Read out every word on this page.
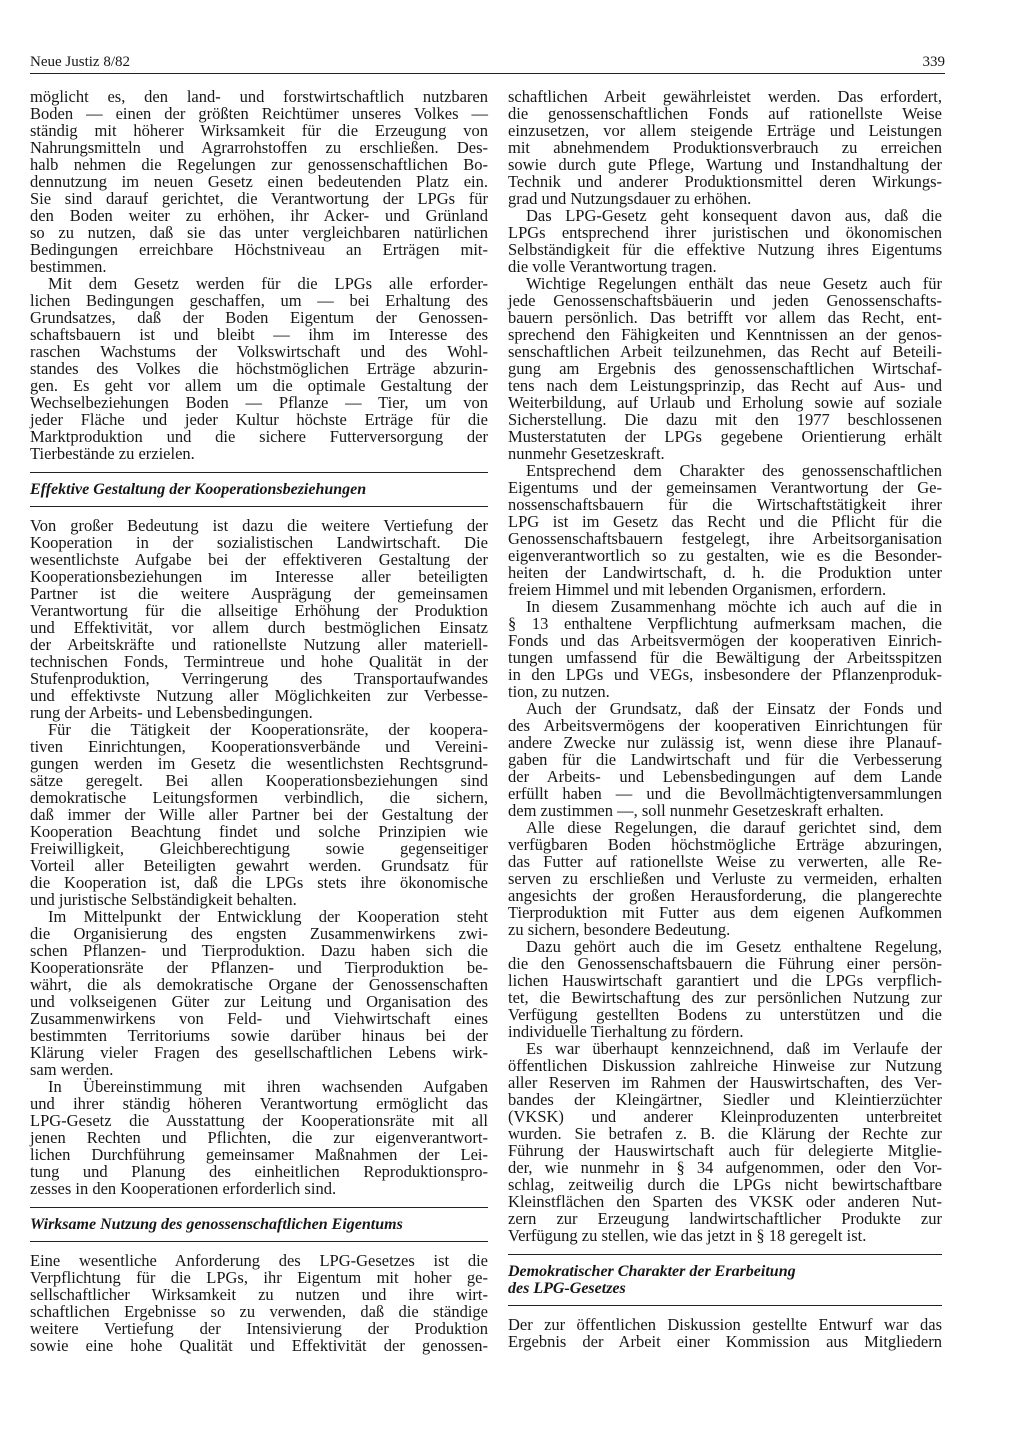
Neue Justiz 8/82	339
möglicht es, den land- und forstwirtschaftlich nutzbaren
Boden — einen der größten Reichtümer unseres Volkes —
ständig mit höherer Wirksamkeit für die Erzeugung von
Nahrungsmitteln und Agrarrohstoffen zu erschließen. Des-
halb nehmen die Regelungen zur genossenschaftlichen Bo-
dennutzung im neuen Gesetz einen bedeutenden Platz ein.
Sie sind darauf gerichtet, die Verantwortung der LPGs für
den Boden weiter zu erhöhen, ihr Acker- und Grünland
so zu nutzen, daß sie das unter vergleichbaren natürlichen
Bedingungen erreichbare Höchstniveau an Erträgen mit-
bestimmen.
Mit dem Gesetz werden für die LPGs alle erforder-
lichen Bedingungen geschaffen, um — bei Erhaltung des
Grundsatzes, daß der Boden Eigentum der Genossen-
schaftsbauern ist und bleibt — ihm im Interesse des
raschen Wachstums der Volkswirtschaft und des Wohl-
standes des Volkes die höchstmöglichen Erträge abzurin-
gen. Es geht vor allem um die optimale Gestaltung der
Wechselbeziehungen Boden — Pflanze — Tier, um von
jeder Fläche und jeder Kultur höchste Erträge für die
Marktproduktion und die sichere Futterversorgung der
Tierbestände zu erzielen.
Effektive Gestaltung der Kooperationsbeziehungen
Von großer Bedeutung ist dazu die weitere Vertiefung der
Kooperation in der sozialistischen Landwirtschaft. Die
wesentlichste Aufgabe bei der effektiveren Gestaltung der
Kooperationsbeziehungen im Interesse aller beteiligten
Partner ist die weitere Ausprägung der gemeinsamen
Verantwortung für die allseitige Erhöhung der Produktion
und Effektivität, vor allem durch bestmöglichen Einsatz
der Arbeitskräfte und rationellste Nutzung aller materiell-
technischen Fonds, Termintreue und hohe Qualität in der
Stufenproduktion, Verringerung des Transportaufwandes
und effektivste Nutzung aller Möglichkeiten zur Verbesse-
rung der Arbeits- und Lebensbedingungen.
Für die Tätigkeit der Kooperationsräte, der koopera-
tiven Einrichtungen, Kooperationsverbände und Vereini-
gungen werden im Gesetz die wesentlichsten Rechtsgrund-
sätze geregelt. Bei allen Kooperationsbeziehungen sind
demokratische Leitungsformen verbindlich, die sichern,
daß immer der Wille aller Partner bei der Gestaltung der
Kooperation Beachtung findet und solche Prinzipien wie
Freiwilligkeit, Gleichberechtigung sowie gegenseitiger
Vorteil aller Beteiligten gewahrt werden. Grundsatz für
die Kooperation ist, daß die LPGs stets ihre ökonomische
und juristische Selbständigkeit behalten.
Im Mittelpunkt der Entwicklung der Kooperation steht
die Organisierung des engsten Zusammenwirkens zwi-
schen Pflanzen- und Tierproduktion. Dazu haben sich die
Kooperationsräte der Pflanzen- und Tierproduktion be-
währt, die als demokratische Organe der Genossenschaften
und volkseigenen Güter zur Leitung und Organisation des
Zusammenwirkens von Feld- und Viehwirtschaft eines
bestimmten Territoriums sowie darüber hinaus bei der
Klärung vieler Fragen des gesellschaftlichen Lebens wirk-
sam werden.
In Übereinstimmung mit ihren wachsenden Aufgaben
und ihrer ständig höheren Verantwortung ermöglicht das
LPG-Gesetz die Ausstattung der Kooperationsräte mit all
jenen Rechten und Pflichten, die zur eigenverantwort-
lichen Durchführung gemeinsamer Maßnahmen der Lei-
tung und Planung des einheitlichen Reproduktionspro-
zesses in den Kooperationen erforderlich sind.
Wirksame Nutzung des genossenschaftlichen Eigentums
Eine wesentliche Anforderung des LPG-Gesetzes ist die
Verpflichtung für die LPGs, ihr Eigentum mit hoher ge-
sellschaftlicher Wirksamkeit zu nutzen und ihre wirt-
schaftlichen Ergebnisse so zu verwenden, daß die ständige
weitere Vertiefung der Intensivierung der Produktion
sowie eine hohe Qualität und Effektivität der genossen-
schaftlichen Arbeit gewährleistet werden. Das erfordert,
die genossenschaftlichen Fonds auf rationellste Weise
einzusetzen, vor allem steigende Erträge und Leistungen
mit abnehmendem Produktionsverbrauch zu erreichen
sowie durch gute Pflege, Wartung und Instandhaltung der
Technik und anderer Produktionsmittel deren Wirkungs-
grad und Nutzungsdauer zu erhöhen.
Das LPG-Gesetz geht konsequent davon aus, daß die
LPGs entsprechend ihrer juristischen und ökonomischen
Selbständigkeit für die effektive Nutzung ihres Eigentums
die volle Verantwortung tragen.
Wichtige Regelungen enthält das neue Gesetz auch für
jede Genossenschaftsbäuerin und jeden Genossenschafts-
bauern persönlich. Das betrifft vor allem das Recht, ent-
sprechend den Fähigkeiten und Kenntnissen an der genos-
senschaftlichen Arbeit teilzunehmen, das Recht auf Beteili-
gung am Ergebnis des genossenschaftlichen Wirtschaf-
tens nach dem Leistungsprinzip, das Recht auf Aus- und
Weiterbildung, auf Urlaub und Erholung sowie auf soziale
Sicherstellung. Die dazu mit den 1977 beschlossenen
Musterstatuten der LPGs gegebene Orientierung erhält
nunmehr Gesetzeskraft.
Entsprechend dem Charakter des genossenschaftlichen
Eigentums und der gemeinsamen Verantwortung der Ge-
nossenschaftsbauern für die Wirtschaftstätigkeit ihrer
LPG ist im Gesetz das Recht und die Pflicht für die
Genossenschaftsbauern festgelegt, ihre Arbeitsorganisation
eigenverantwortlich so zu gestalten, wie es die Besonder-
heiten der Landwirtschaft, d. h. die Produktion unter
freiem Himmel und mit lebenden Organismen, erfordern.
In diesem Zusammenhang möchte ich auch auf die in
§ 13 enthaltene Verpflichtung aufmerksam machen, die
Fonds und das Arbeitsvermögen der kooperativen Einrich-
tungen umfassend für die Bewältigung der Arbeitsspitzen
in den LPGs und VEGs, insbesondere der Pflanzenproduk-
tion, zu nutzen.
Auch der Grundsatz, daß der Einsatz der Fonds und
des Arbeitsvermögens der kooperativen Einrichtungen für
andere Zwecke nur zulässig ist, wenn diese ihre Planauf-
gaben für die Landwirtschaft und für die Verbesserung
der Arbeits- und Lebensbedingungen auf dem Lande
erfüllt haben — und die Bevollmächtigtenversammlungen
dem zustimmen —, soll nunmehr Gesetzeskraft erhalten.
Alle diese Regelungen, die darauf gerichtet sind, dem
verfügbaren Boden höchstmögliche Erträge abzuringen,
das Futter auf rationellste Weise zu verwerten, alle Re-
serven zu erschließen und Verluste zu vermeiden, erhalten
angesichts der großen Herausforderung, die plangerechte
Tierproduktion mit Futter aus dem eigenen Aufkommen
zu sichern, besondere Bedeutung.
Dazu gehört auch die im Gesetz enthaltene Regelung,
die den Genossenschaftsbauern die Führung einer persön-
lichen Hauswirtschaft garantiert und die LPGs verpflich-
tet, die Bewirtschaftung des zur persönlichen Nutzung zur
Verfügung gestellten Bodens zu unterstützen und die
individuelle Tierhaltung zu fördern.
Es war überhaupt kennzeichnend, daß im Verlaufe der
öffentlichen Diskussion zahlreiche Hinweise zur Nutzung
aller Reserven im Rahmen der Hauswirtschaften, des Ver-
bandes der Kleingärtner, Siedler und Kleintierzüchter
(VKSK) und anderer Kleinproduzenten unterbreitet
wurden. Sie betrafen z. B. die Klärung der Rechte zur
Führung der Hauswirtschaft auch für delegierte Mitglie-
der, wie nunmehr in § 34 aufgenommen, oder den Vor-
schlag, zeitweilig durch die LPGs nicht bewirtschaftbare
Kleinstflächen den Sparten des VKSK oder anderen Nut-
zern zur Erzeugung landwirtschaftlicher Produkte zur
Verfügung zu stellen, wie das jetzt in § 18 geregelt ist.
Demokratischer Charakter der Erarbeitung
des LPG-Gesetzes
Der zur öffentlichen Diskussion gestellte Entwurf war das
Ergebnis der Arbeit einer Kommission aus Mitgliedern
